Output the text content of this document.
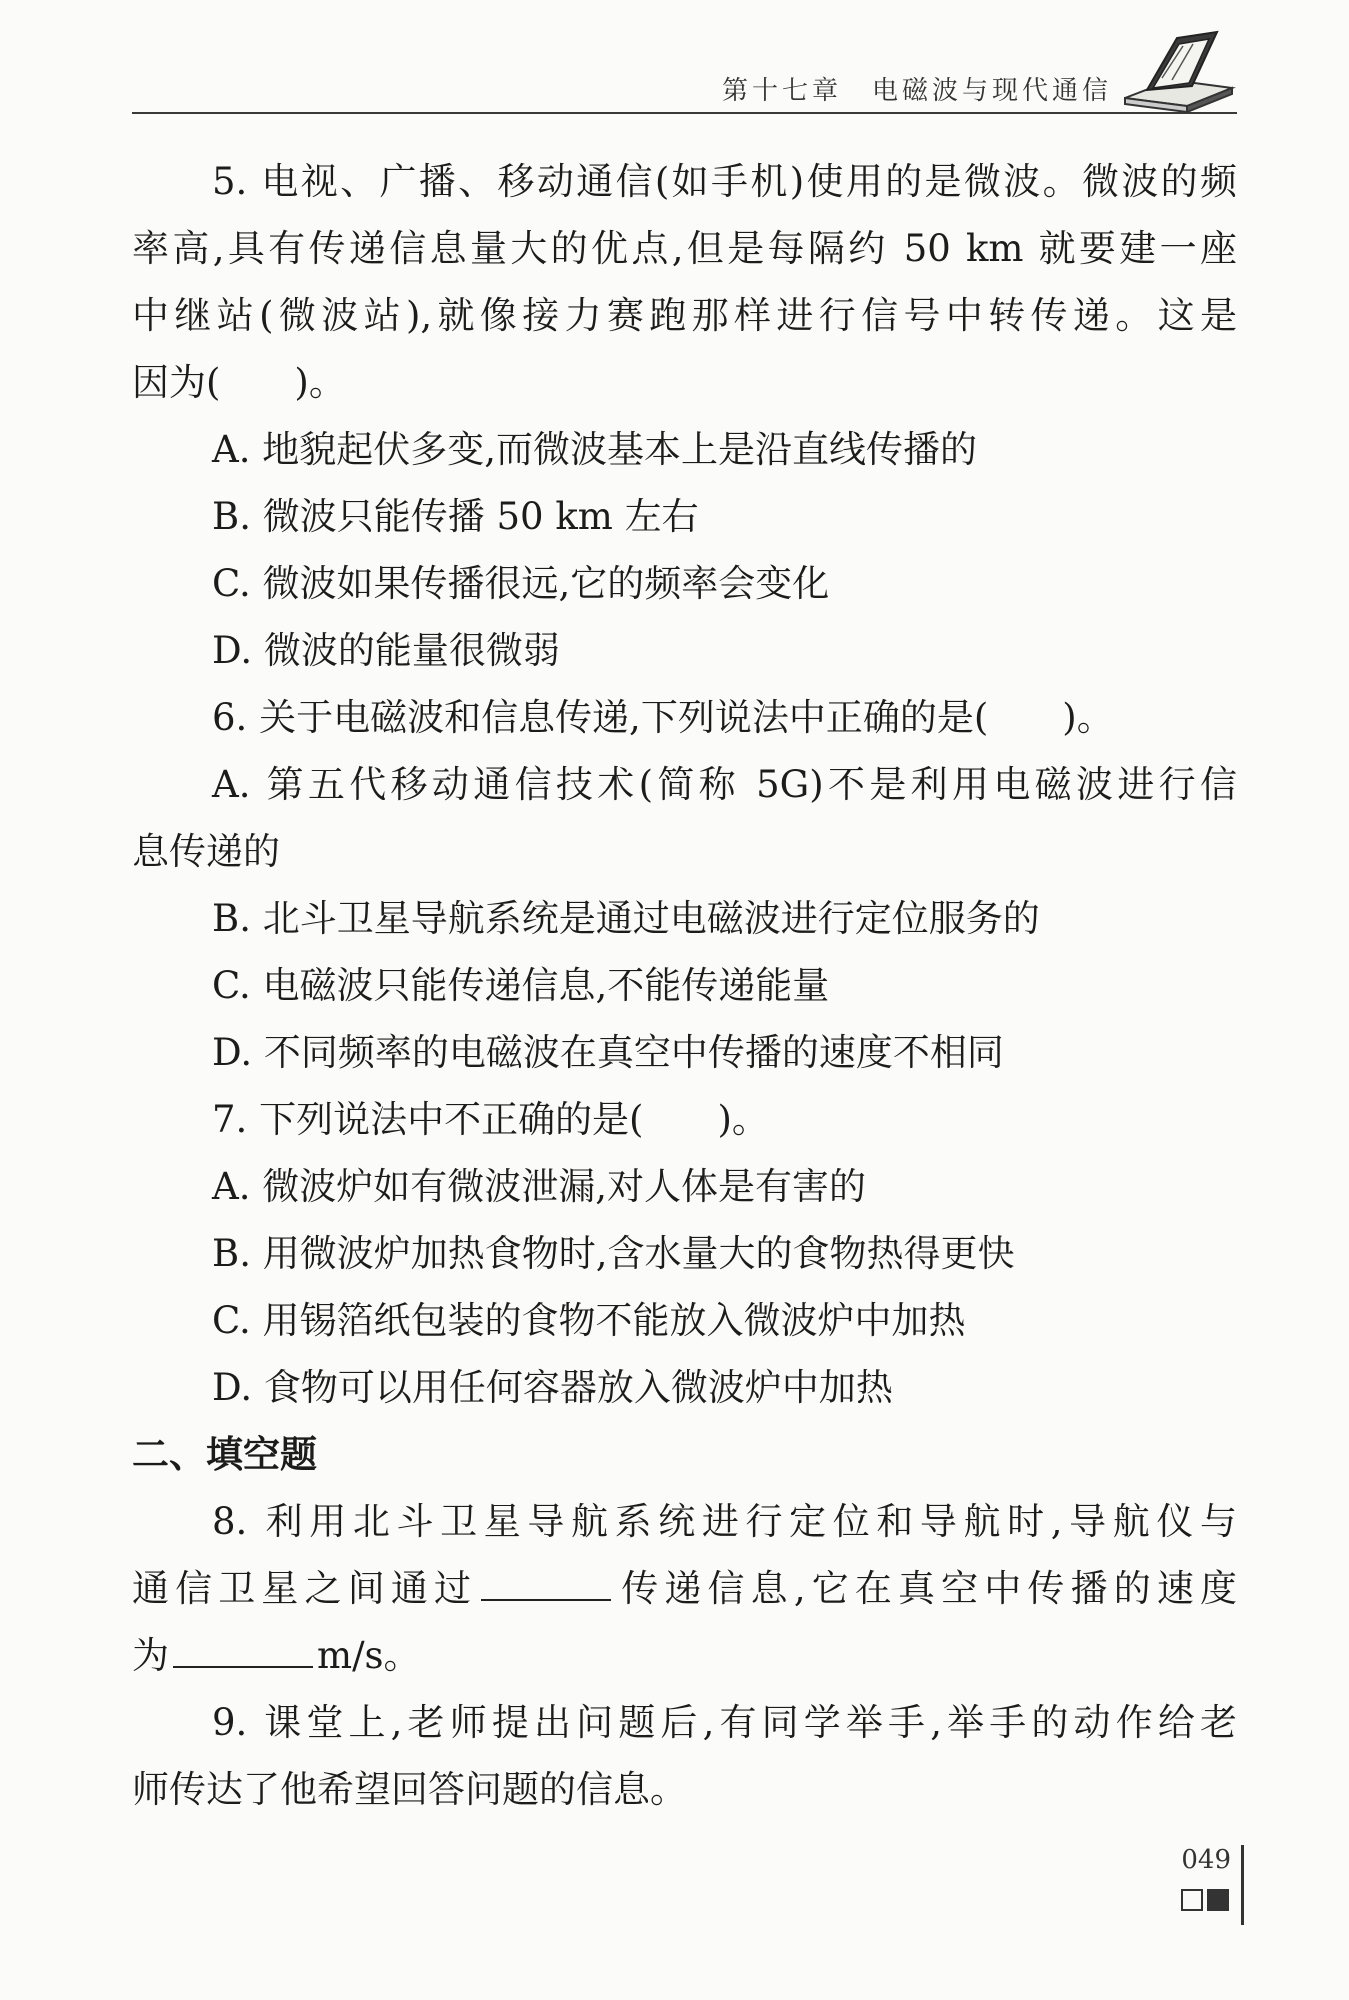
第十七章 电磁波与现代通信

5. 电视、广播、移动通信(如手机)使用的是微波。微波的频

率高,具有传递信息量大的优点,但是每隔约 50 km 就要建一座

中继站(微波站),就像接力赛跑那样进行信号中转传递。这是

因为(　　)。

A. 地貌起伏多变,而微波基本上是沿直线传播的

B. 微波只能传播 50 km 左右

C. 微波如果传播很远,它的频率会变化

D. 微波的能量很微弱

6. 关于电磁波和信息传递,下列说法中正确的是(　　)。

A. 第五代移动通信技术(简称 5G)不是利用电磁波进行信

息传递的

B. 北斗卫星导航系统是通过电磁波进行定位服务的

C. 电磁波只能传递信息,不能传递能量

D. 不同频率的电磁波在真空中传播的速度不相同

7. 下列说法中不正确的是(　　)。

A. 微波炉如有微波泄漏,对人体是有害的

B. 用微波炉加热食物时,含水量大的食物热得更快

C. 用锡箔纸包装的食物不能放入微波炉中加热

D. 食物可以用任何容器放入微波炉中加热

二、填空题

8. 利用北斗卫星导航系统进行定位和导航时,导航仪与

通信卫星之间通过	传递信息,它在真空中传播的速度

为	m/s。

9. 课堂上,老师提出问题后,有同学举手,举手的动作给老

师传达了他希望回答问题的信息。

049
